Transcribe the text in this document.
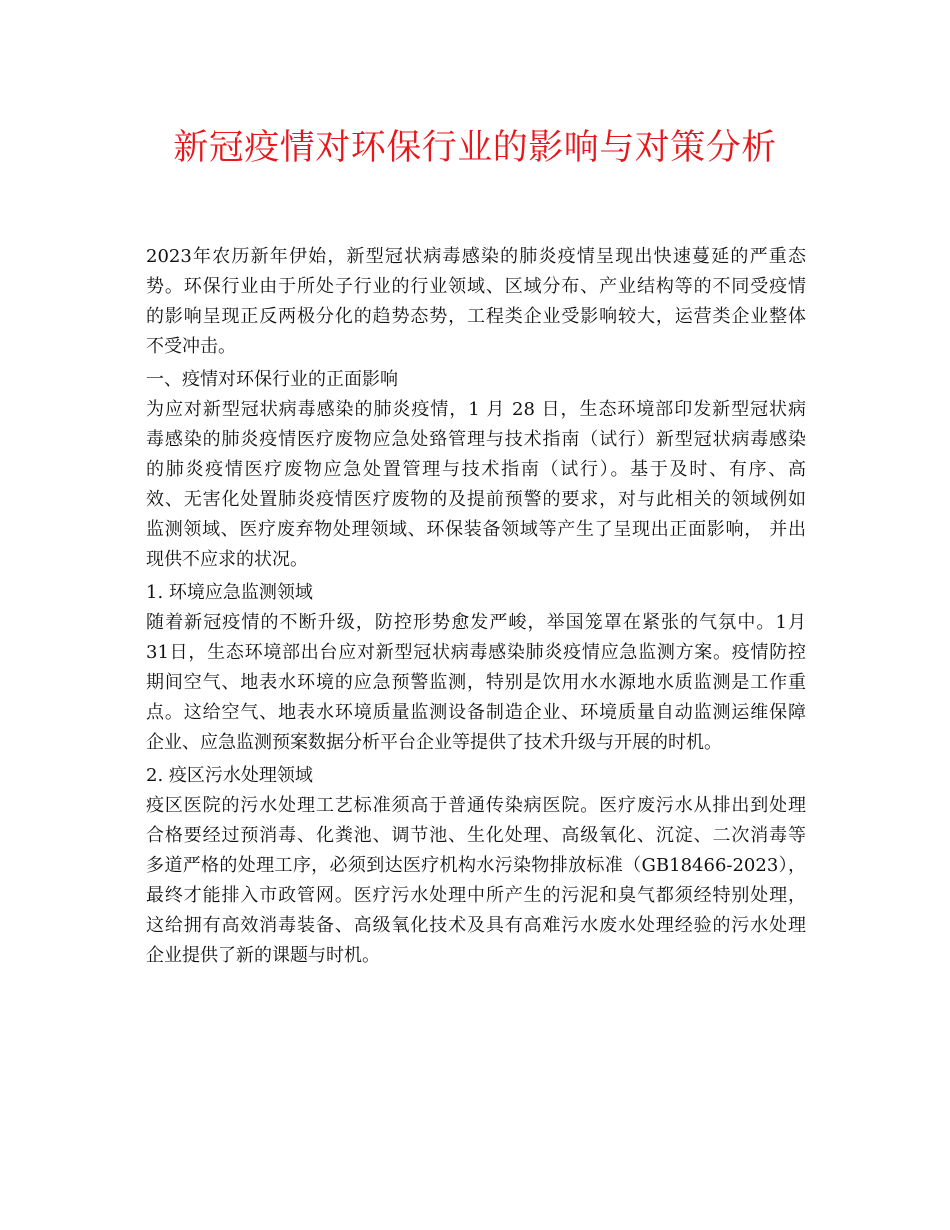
新冠疫情对环保行业的影响与对策分析
2023年农历新年伊始，新型冠状病毒感染的肺炎疫情呈现出快速蔓延的严重态
势。环保行业由于所处子行业的行业领域、区域分布、产业结构等的不同受疫情
的影响呈现正反两极分化的趋势态势，工程类企业受影响较大，运营类企业整体
不受冲击。
一、疫情对环保行业的正面影响
为应对新型冠状病毒感染的肺炎疫情，1 月 28 日，生态环境部印发新型冠状病
毒感染的肺炎疫情医疗废物应急处臵管理与技术指南（试行）新型冠状病毒感染
的肺炎疫情医疗废物应急处置管理与技术指南（试行）。基于及时、有序、高
效、无害化处置肺炎疫情医疗废物的及提前预警的要求，对与此相关的领域例如
监测领域、医疗废弃物处理领域、环保装备领域等产生了呈现出正面影响， 并出
现供不应求的状况。
1. 环境应急监测领域
随着新冠疫情的不断升级，防控形势愈发严峻，举国笼罩在紧张的气氛中。1月
31日，生态环境部出台应对新型冠状病毒感染肺炎疫情应急监测方案。疫情防控
期间空气、地表水环境的应急预警监测，特别是饮用水水源地水质监测是工作重
点。这给空气、地表水环境质量监测设备制造企业、环境质量自动监测运维保障
企业、应急监测预案数据分析平台企业等提供了技术升级与开展的时机。
2. 疫区污水处理领域
疫区医院的污水处理工艺标准须高于普通传染病医院。医疗废污水从排出到处理
合格要经过预消毒、化粪池、调节池、生化处理、高级氧化、沉淀、二次消毒等
多道严格的处理工序，必须到达医疗机构水污染物排放标准（GB18466-2023），
最终才能排入市政管网。医疗污水处理中所产生的污泥和臭气都须经特别处理，
这给拥有高效消毒装备、高级氧化技术及具有高难污水废水处理经验的污水处理
企业提供了新的课题与时机。
